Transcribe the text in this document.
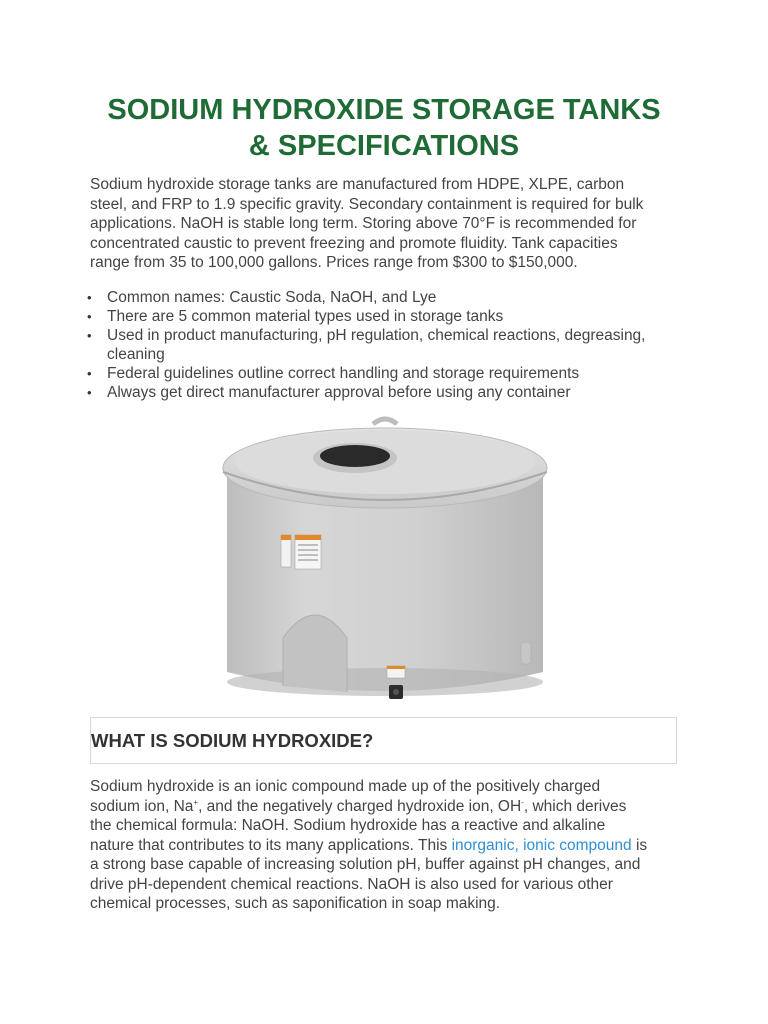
SODIUM HYDROXIDE STORAGE TANKS
& SPECIFICATIONS

Sodium hydroxide storage tanks are manufactured from HDPE, XLPE, carbon
steel, and FRP to 1.9 specific gravity. Secondary containment is required for bulk
applications. NaOH is stable long term. Storing above 70°F is recommended for
concentrated caustic to prevent freezing and promote fluidity. Tank capacities
range from 35 to 100,000 gallons. Prices range from $300 to $150,000.

• Common names: Caustic Soda, NaOH, and Lye
• There are 5 common material types used in storage tanks
• Used in product manufacturing, pH regulation, chemical reactions, degreasing,
cleaning
• Federal guidelines outline correct handling and storage requirements
• Always get direct manufacturer approval before using any container
WHAT IS SODIUM HYDROXIDE?

Sodium hydroxide is an ionic compound made up of the positively charged
sodium ion, Na+, and the negatively charged hydroxide ion, OH-, which derives
the chemical formula: NaOH. Sodium hydroxide has a reactive and alkaline
nature that contributes to its many applications. This inorganic, ionic compound is
a strong base capable of increasing solution pH, buffer against pH changes, and
drive pH-dependent chemical reactions. NaOH is also used for various other
chemical processes, such as saponification in soap making.
